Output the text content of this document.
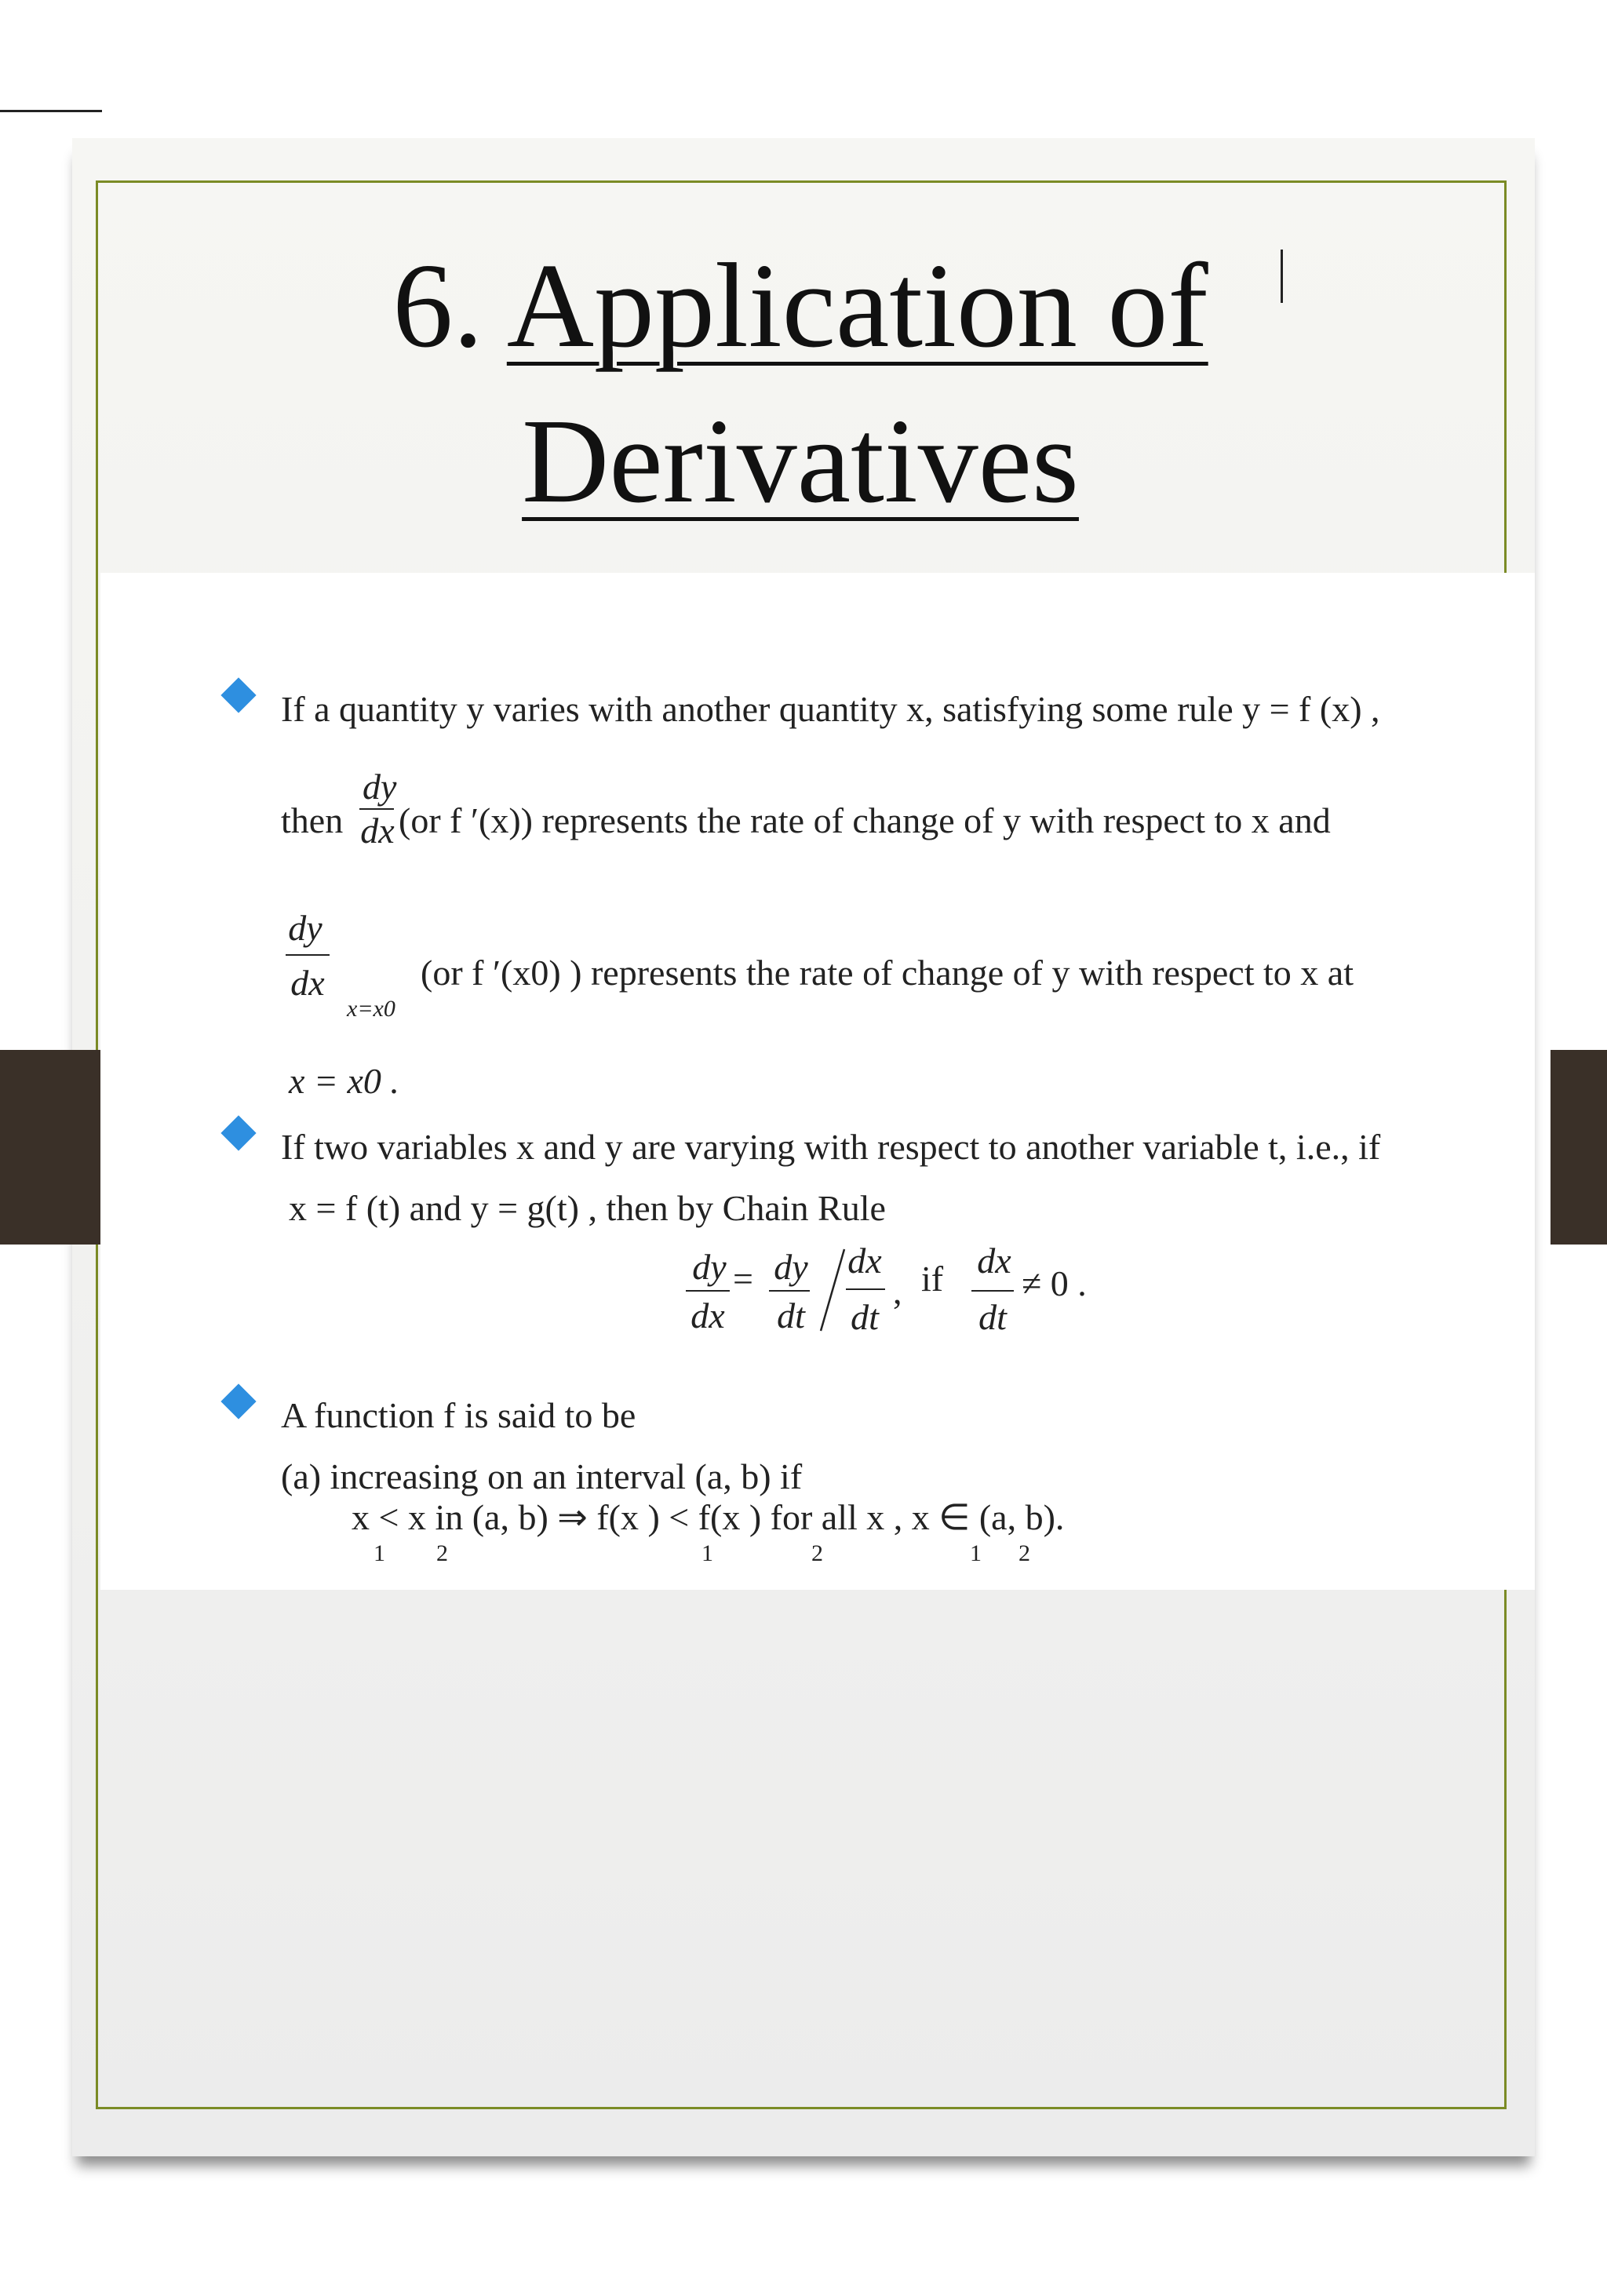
6. Application of
Derivatives
If a quantity y varies with another quantity x, satisfying some rule y = f (x) ,
then
dy
dx (or f ′(x)) represents the rate of change of y with respect to x and
dy
dx
x=x0
(or f ′(x0) ) represents the rate of change of y with respect to x at
x = x0 .
If two variables x and y are varying with respect to another variable t, i.e., if
x = f (t) and y = g(t) , then by Chain Rule
dy
dx
= dy
dt
dx
dt
, if dx
dt
≠ 0 .
A function f is said to be
(a) increasing on an interval (a, b) if
x < x in (a, b) ⇒ f(x ) < f(x ) for all x , x ∈ (a, b).
1 2	1	2	1 2
